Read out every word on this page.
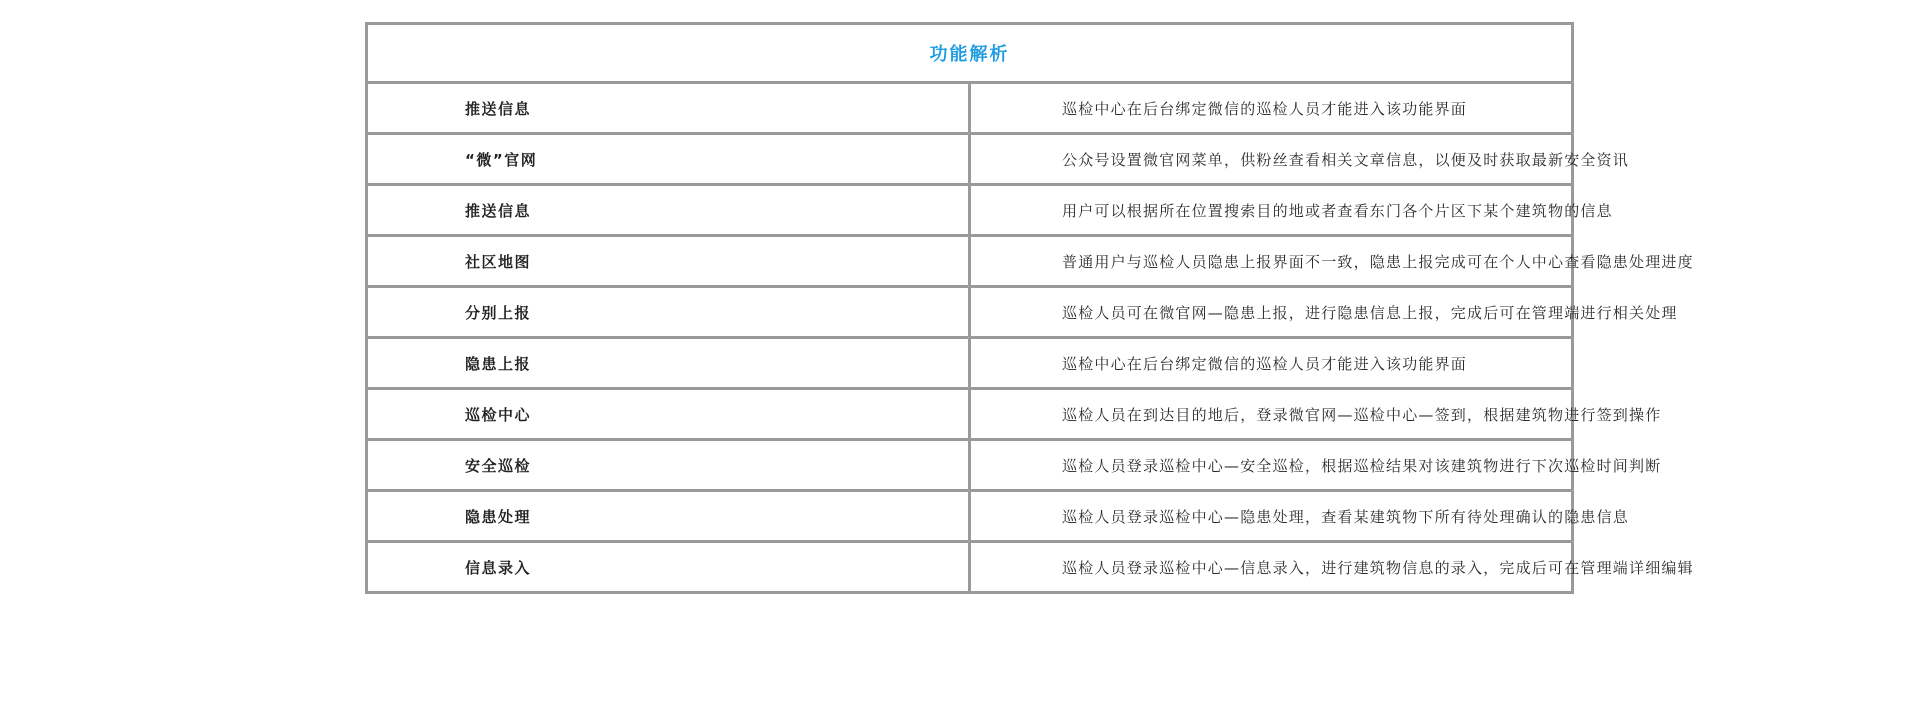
功能解析	
推送信息	巡检中心在后台绑定微信的巡检人员才能进入该功能界面
“微”官网	公众号设置微官网菜单，供粉丝查看相关文章信息，以便及时获取最新安全资讯
推送信息	用户可以根据所在位置搜索目的地或者查看东门各个片区下某个建筑物的信息
社区地图	普通用户与巡检人员隐患上报界面不一致，隐患上报完成可在个人中心查看隐患处理进度
分别上报	巡检人员可在微官网—隐患上报，进行隐患信息上报，完成后可在管理端进行相关处理
隐患上报	巡检中心在后台绑定微信的巡检人员才能进入该功能界面
巡检中心	巡检人员在到达目的地后，登录微官网—巡检中心—签到，根据建筑物进行签到操作
安全巡检	巡检人员登录巡检中心—安全巡检，根据巡检结果对该建筑物进行下次巡检时间判断
隐患处理	巡检人员登录巡检中心—隐患处理，查看某建筑物下所有待处理确认的隐患信息
信息录入	巡检人员登录巡检中心—信息录入，进行建筑物信息的录入，完成后可在管理端详细编辑
